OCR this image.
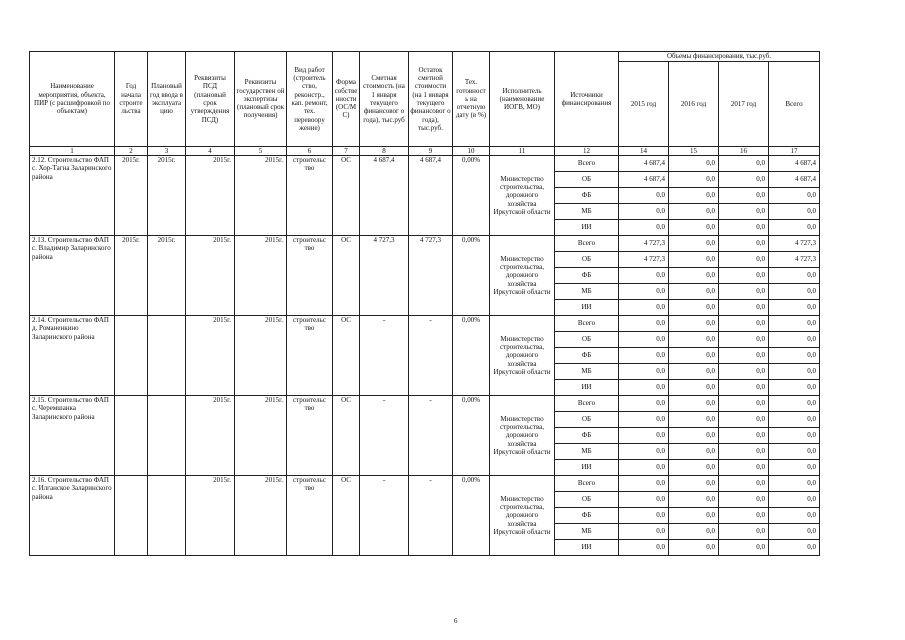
Наименование мероприятия, объекта, ПИР (с расшифровкой по объектам)	Год начала строите льства	Плановый год ввода в эксплуата цию	Реквизиты ПСД (плановый срок утверждения ПСД)	Реквизиты государствен ой экспертизы (плановый срок получения)	Вид работ (строитель ство, реконстр., кап. ремонт, тех. перевоору жение)	Форма собстве нности (ОС/М С)	Сметная стоимость (на 1 января текущего финансовог о года), тыс.руб	Остаток сметной стоимости (на 1 января текущего финансовог о года), тыс.руб.	Тех. готовност ь на отчетную дату (в %)	Исполнитель (наименование ИОГВ, МО)	Источники финансирования	Объемы финансирования, тыс.руб.			
												2015 год	2016 год	2017 год	Всего
1	2	3	4	5	6	7	8	9	10	11	12	14	15	16	17
2.12. Строительство ФАП с. Хор-Тагна Заларинского района	2015г.	2015г.	2015г.	2015г.	строительс тво	ОС	4 687,4	4 687,4	0,00%	Министерство строительства, дорожного хозяйства Иркутской области	Всего	4 687,4	0,0	0,0	4 687,4
											ОБ	4 687,4	0,0	0,0	4 687,4
											ФБ	0,0	0,0	0,0	0,0
											МБ	0,0	0,0	0,0	0,0
											ИИ	0,0	0,0	0,0	0,0
2.13. Строительство ФАП с. Владимир Заларинского района	2015г.	2015г.	2015г.	2015г.	строительс тво	ОС	4 727,3	4 727,3	0,00%	Министерство строительства, дорожного хозяйства Иркутской области	Всего	4 727,3	0,0	0,0	4 727,3
											ОБ	4 727,3	0,0	0,0	4 727,3
											ФБ	0,0	0,0	0,0	0,0
											МБ	0,0	0,0	0,0	0,0
											ИИ	0,0	0,0	0,0	0,0
2.14. Строительство ФАП д. Романенкино Заларинского района			2015г.	2015г.	строительс тво	ОС	-	-	0,00%	Министерство строительства, дорожного хозяйства Иркутской области	Всего	0,0	0,0	0,0	0,0
											ОБ	0,0	0,0	0,0	0,0
											ФБ	0,0	0,0	0,0	0,0
											МБ	0,0	0,0	0,0	0,0
											ИИ	0,0	0,0	0,0	0,0
2.15. Строительство ФАП с. Черемшанка Заларинского района			2015г.	2015г.	строительс тво	ОС	-	-	0,00%	Министерство строительства, дорожного хозяйства Иркутской области	Всего	0,0	0,0	0,0	0,0
											ОБ	0,0	0,0	0,0	0,0
											ФБ	0,0	0,0	0,0	0,0
											МБ	0,0	0,0	0,0	0,0
											ИИ	0,0	0,0	0,0	0,0
2.16. Строительство ФАП с. Илганское Заларинского района			2015г.	2015г.	строительс тво	ОС	-	-	0,00%	Министерство строительства, дорожного хозяйства Иркутской области	Всего	0,0	0,0	0,0	0,0
											ОБ	0,0	0,0	0,0	0,0
											ФБ	0,0	0,0	0,0	0,0
											МБ	0,0	0,0	0,0	0,0
											ИИ	0,0	0,0	0,0	0,0
6
